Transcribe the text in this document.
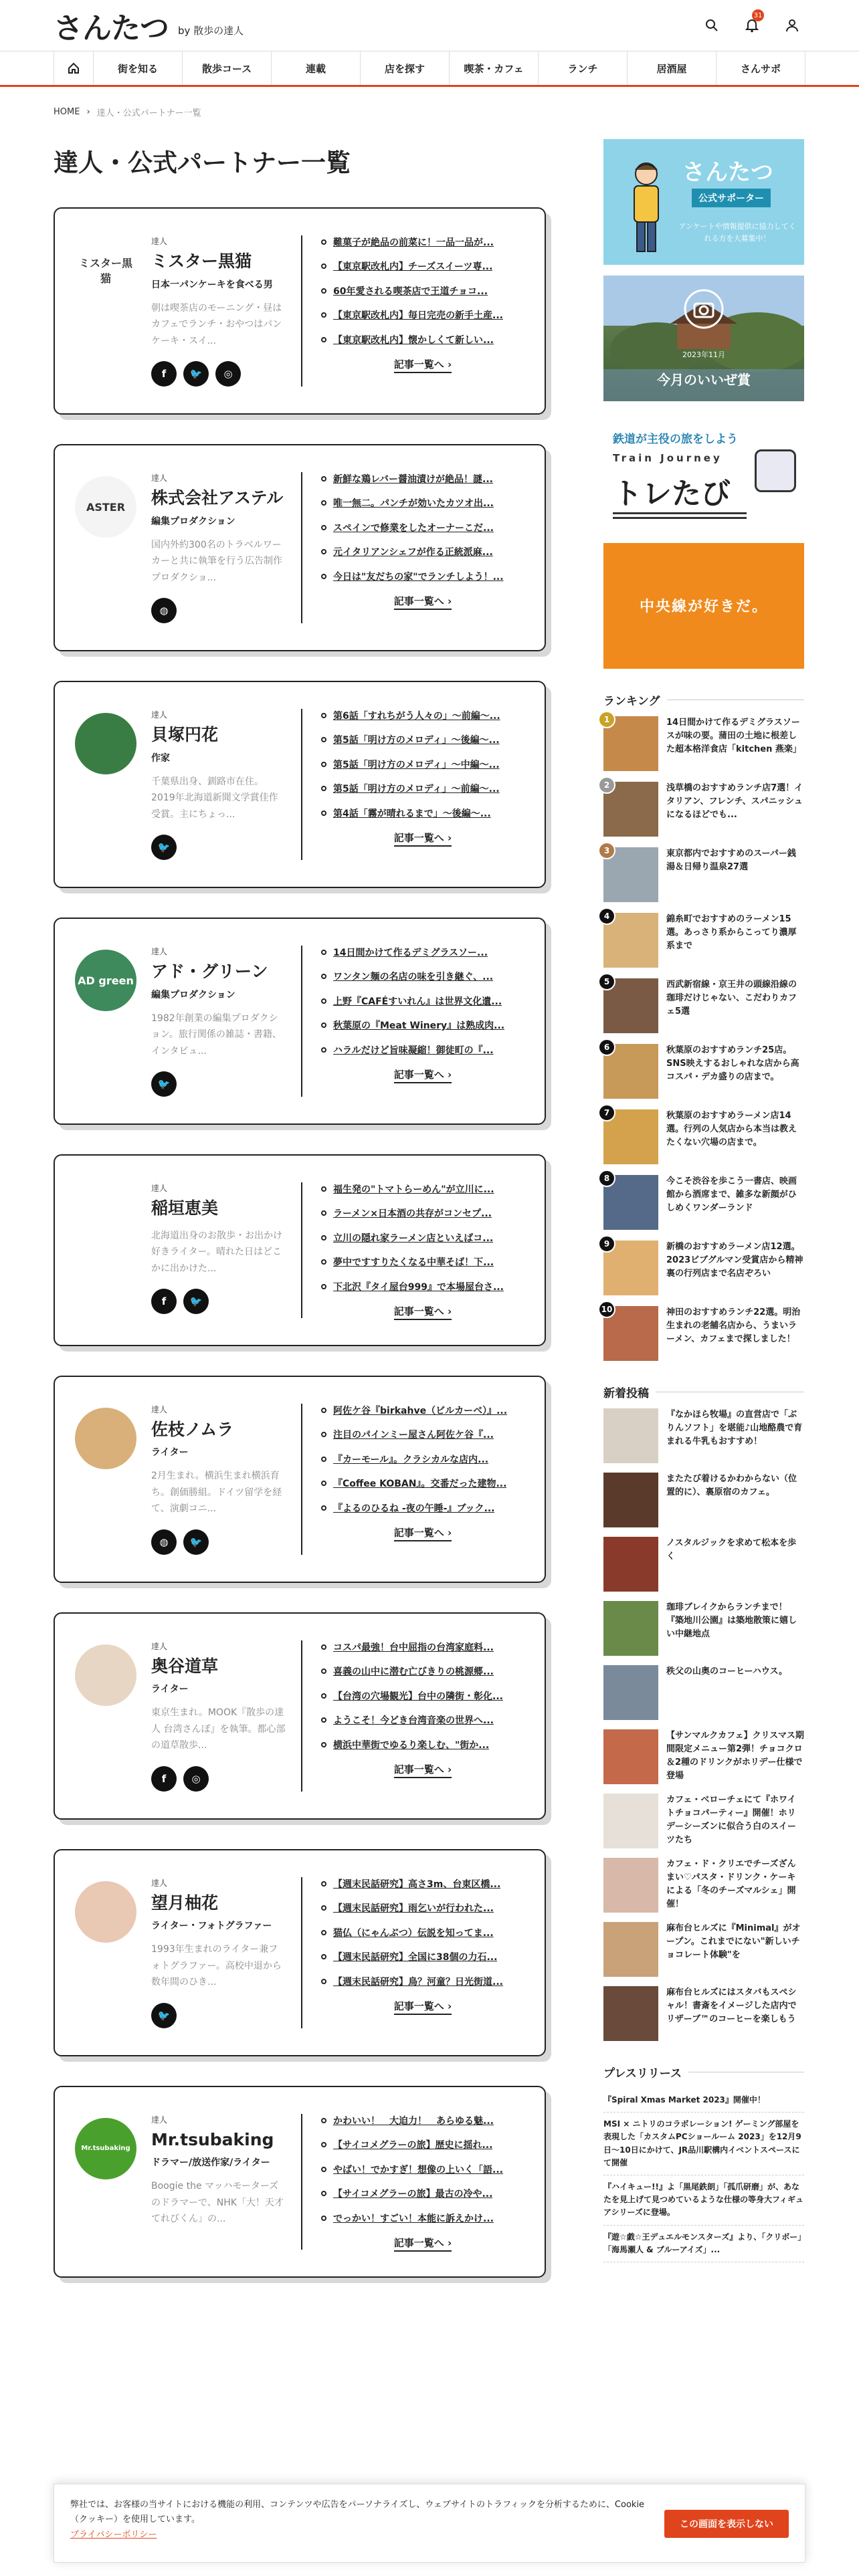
さんたつ by 散歩の達人
31
街を知る	散歩コース	連載	店を探す	喫茶・カフェ	ランチ	居酒屋	さんサポ
HOME › 達人・公式パートナー一覧
達人・公式パートナー一覧
ミスター黒猫
達人
ミスター黒猫
日本一パンケーキを食べる男
朝は喫茶店のモーニング・昼はカフェでランチ・おやつはパンケーキ・スイ...
f	🐦	◎
難菓子が絶品の前菜に！一品一品が...
【東京駅改札内】チーズスイーツ専...
60年愛される喫茶店で王道チョコ...
【東京駅改札内】毎日完売の新手土産...
【東京駅改札内】懐かしくて新しい...
記事一覧へ ›
ASTER
達人
株式会社アステル
編集プロダクション
国内外約300名のトラベルワーカーと共に執筆を行う広告制作プロダクショ...
◍
新鮮な鶏レバー醤油漬けが絶品！謎...
唯一無二。パンチが効いたカツオ出...
スペインで修業をしたオーナーこだ...
元イタリアンシェフが作る正統派麻...
今日は"友だちの家"でランチしよう！...
記事一覧へ ›
達人
貝塚円花
作家
千葉県出身、釧路市在住。2019年北海道新聞文学賞佳作受賞。主にちょっ...
🐦
第6話「すれちがう人々の」〜前編〜...
第5話「明け方のメロディ」〜後編〜...
第5話「明け方のメロディ」〜中編〜...
第5話「明け方のメロディ」〜前編〜...
第4話「霧が晴れるまで」〜後編〜...
記事一覧へ ›
AD green
達人
アド・グリーン
編集プロダクション
1982年創業の編集プロダクション。旅行関係の雑誌・書籍、インタビュ...
🐦
14日間かけて作るデミグラスソー...
ワンタン麺の名店の味を引き継ぐ、...
上野『CAFÉすいれん』は世界文化遺...
秋葉原の『Meat Winery』は熟成肉...
ハラルだけど旨味凝縮！御徒町の『...
記事一覧へ ›
達人
稲垣恵美
北海道出身のお散歩・お出かけ好きライター。晴れた日はどこかに出かけた...
f	🐦
福生発の"トマトらーめん"が立川に...
ラーメン×日本酒の共存がコンセプ...
立川の隠れ家ラーメン店といえばコ...
夢中ですすりたくなる中華そば！下...
下北沢『タイ屋台999』で本場屋台さ...
記事一覧へ ›
達人
佐枝ノムラ
ライター
2月生まれ。横浜生まれ横浜育ち。創価勝組。ドイツ留学を経て、演劇コニ...
◍	🐦
阿佐ケ谷『birkahve（ビルカーベ）』...
注目のパインミー屋さん阿佐ケ谷『...
『カーモール』。クラシカルな店内...
『Coffee KOBAN』。交番だった建物...
『よるのひるね -夜の午睡-』ブック...
記事一覧へ ›
達人
奥谷道草
ライター
東京生まれ。MOOK『散歩の達人 台湾さんぽ』を執筆。都心部の道草散歩...
f	◎
コスパ最強！台中屈指の台湾家庭料...
喜義の山中に潜む亡びきりの桃源郷...
【台湾の穴場観光】台中の隣街・彰化...
ようこそ！今どき台湾音楽の世界へ...
横浜中華街でゆるり楽しむ、"街か...
記事一覧へ ›
達人
望月柚花
ライター・フォトグラファー
1993年生まれのライター兼フォトグラファー。高校中退から数年間のひき...
🐦
【週末民話研究】高さ3m、台東区橋...
【週末民話研究】雨乞いが行われた...
猫仏（にゃんぶつ）伝説を知ってま...
【週末民話研究】全国に38個の力石...
【週末民話研究】鳥？河童？日光街道...
記事一覧へ ›
Mr.tsubaking
達人
Mr.tsubaking
ドラマー/放送作家/ライター
Boogie the マッハモーターズのドラマーで、NHK「大！天才てれびくん」の...
かわいい！　大迫力！　あらゆる魅...
【サイコメグラーの旅】歴史に揺れ...
やばい！でかすぎ！想像の上いく「語...
【サイコメグラーの旅】最古の冷や...
でっかい！すごい！本能に訴えかけ...
記事一覧へ ›
さんたつ
公式サポーター
アンケートや情報提供に協力してくれる方を大募集中！
2023年11月
今月のいいぜ賞
鉄道が主役の旅をしよう
Train Journey
トレたび
中央線が好きだ。
ランキング
1	14日間かけて作るデミグラスソースが味の要。蒲田の土地に根差した超本格洋食店「kitchen 燕楽」
2	浅草橋のおすすめランチ店7選！イタリアン、フレンチ、スパニッシュになるほどでも...
3	東京都内でおすすめのスーパー銭湯＆日帰り温泉27選
4	錦糸町でおすすめのラーメン15選。あっさり系からこってり濃厚系まで
5	西武新宿線・京王井の頭線沿線の珈琲だけじゃない、こだわりカフェ5選
6	秋葉原のおすすめランチ25店。SNS映えするおしゃれな店から高コスパ・デカ盛りの店まで。
7	秋葉原のおすすめラーメン店14選。行列の人気店から本当は教えたくない穴場の店まで。
8	今こそ渋谷を歩こう一書店、映画館から酒席まで、雑多な新顔がひしめくワンダーランド
9	新橋のおすすめラーメン店12選。2023ビブグルマン受賞店から精神裏の行列店まで名店ぞろい
10	神田のおすすめランチ22選。明治生まれの老舗名店から、うまいラーメン、カフェまで探しました！
新着投稿
『なかほら牧場』の直営店で「ぶりんソフト」を堪能♪山地酪農で育まれる牛乳もおすすめ！
またたび着けるかわからない（位置的に）、裏原宿のカフェ。
ノスタルジックを求めて松本を歩く
珈琲ブレイクからランチまで！『築地川公園』は築地散策に嬉しい中継地点
秩父の山奥のコーヒーハウス。
【サンマルクカフェ】クリスマス期間限定メニュー第2弾！チョコクロ＆2種のドリンクがホリデー仕様で登場
カフェ・ベローチェにて『ホワイトチョコパーティー』開催！ホリデーシーズンに似合う白のスイーツたち
カフェ・ド・クリエでチーズざんまい♡パスタ・ドリンク・ケーキによる「冬のチーズマルシェ」開催！
麻布台ヒルズに『Minimal』がオープン。これまでにない"新しいチョコレート体験"を
麻布台ヒルズにはスタバもスペシャル！書斎をイメージした店内でリザーブ™のコーヒーを楽しもう
プレスリリース
『Spiral Xmas Market 2023』開催中！
MSI × ニトリのコラボレーション! ゲーミング部屋を表現した「カスタムPCショールーム 2023」を12月9日〜10日にかけて、JR品川駅構内イベントスペースにて開催
『ハイキュー!!』よ「黒尾鉄朗」「孤爪研磨」が、あなたを見上げて見つめているような仕様の等身大フィギュアシリーズに登場。
『遊☆戯☆王デュエルモンスターズ』より、「クリボー」「海馬瀬人 & ブルーアイズ」...

弊社では、お客様の当サイトにおける機能の利用、コンテンツや広告をパーソナライズし、ウェブサイトのトラフィックを分析するために、Cookie（クッキー）を使用しています。

プライバシーポリシー
この画面を表示しない
